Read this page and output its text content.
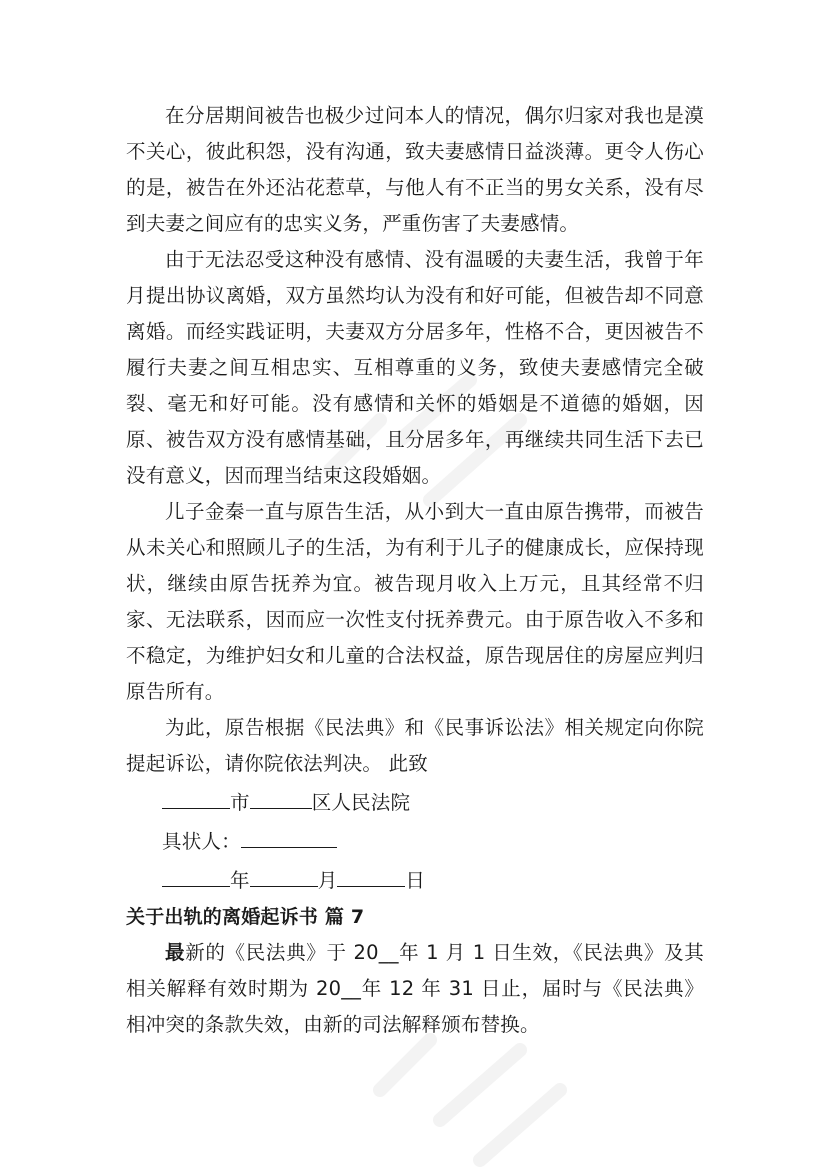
在分居期间被告也极少过问本人的情况，偶尔归家对我也是漠不关心，彼此积怨，没有沟通，致夫妻感情日益淡薄。更令人伤心的是，被告在外还沾花惹草，与他人有不正当的男女关系，没有尽到夫妻之间应有的忠实义务，严重伤害了夫妻感情。

由于无法忍受这种没有感情、没有温暖的夫妻生活，我曾于年月提出协议离婚，双方虽然均认为没有和好可能，但被告却不同意离婚。而经实践证明，夫妻双方分居多年，性格不合，更因被告不履行夫妻之间互相忠实、互相尊重的义务，致使夫妻感情完全破裂、毫无和好可能。没有感情和关怀的婚姻是不道德的婚姻，因原、被告双方没有感情基础，且分居多年，再继续共同生活下去已没有意义，因而理当结束这段婚姻。

儿子金秦一直与原告生活，从小到大一直由原告携带，而被告从未关心和照顾儿子的生活，为有利于儿子的健康成长，应保持现状，继续由原告抚养为宜。被告现月收入上万元，且其经常不归家、无法联系，因而应一次性支付抚养费元。由于原告收入不多和不稳定，为维护妇女和儿童的合法权益，原告现居住的房屋应判归原告所有。

为此，原告根据《民法典》和《民事诉讼法》相关规定向你院提起诉讼，请你院依法判决。 此致

市	区人民法院

具状人：

年	月	日

关于出轨的离婚起诉书 篇 7

最新的《民法典》于 20__年 1 月 1 日生效，《民法典》及其相关解释有效时期为 20__年 12 年 31 日止，届时与《民法典》相冲突的条款失效，由新的司法解释颁布替换。
